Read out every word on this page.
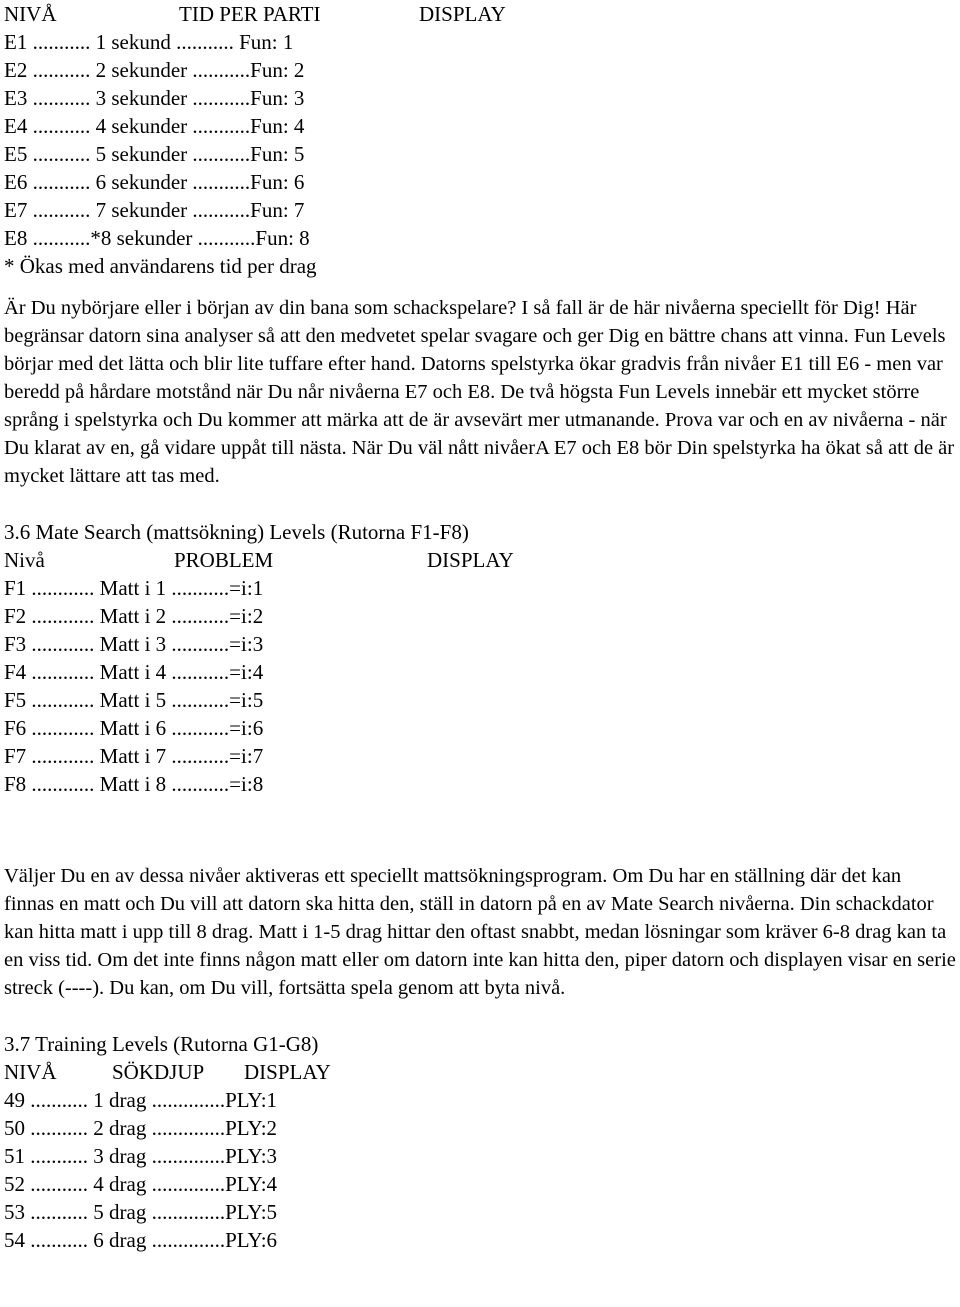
NIVÅ	TID PER PARTI	DISPLAY
E1 ........... 1 sekund ........... Fun: 1
E2 ........... 2 sekunder ...........Fun: 2
E3 ........... 3 sekunder ...........Fun: 3
E4 ........... 4 sekunder ...........Fun: 4
E5 ........... 5 sekunder ...........Fun: 5
E6 ........... 6 sekunder ...........Fun: 6
E7 ........... 7 sekunder ...........Fun: 7
E8 ...........*8 sekunder ...........Fun: 8
* Ökas med användarens tid per drag

Är Du nybörjare eller i början av din bana som schackspelare? I så fall är de här nivåerna speciellt för Dig! Här begränsar datorn sina analyser så att den medvetet spelar svagare och ger Dig en bättre chans att vinna. Fun Levels börjar med det lätta och blir lite tuffare efter hand. Datorns spelstyrka ökar gradvis från nivåer E1 till E6 - men var beredd på hårdare motstånd när Du når nivåerna E7 och E8. De två högsta Fun Levels innebär ett mycket större språng i spelstyrka och Du kommer att märka att de är avsevärt mer utmanande. Prova var och en av nivåerna - när Du klarat av en, gå vidare uppåt till nästa. När Du väl nått nivåerA E7 och E8 bör Din spelstyrka ha ökat så att de är mycket lättare att tas med.

3.6 Mate Search (mattsökning) Levels (Rutorna F1-F8)
Nivå	PROBLEM	DISPLAY
F1 ............ Matt i 1 ...........=i:1
F2 ............ Matt i 2 ...........=i:2
F3 ............ Matt i 3 ...........=i:3
F4 ............ Matt i 4 ...........=i:4
F5 ............ Matt i 5 ...........=i:5
F6 ............ Matt i 6 ...........=i:6
F7 ............ Matt i 7 ...........=i:7
F8 ............ Matt i 8 ...........=i:8

Väljer Du en av dessa nivåer aktiveras ett speciellt mattsökningsprogram. Om Du har en ställning där det kan finnas en matt och Du vill att datorn ska hitta den, ställ in datorn på en av Mate Search nivåerna. Din schackdator kan hitta matt i upp till 8 drag. Matt i 1-5 drag hittar den oftast snabbt, medan lösningar som kräver 6-8 drag kan ta en viss tid. Om det inte finns någon matt eller om datorn inte kan hitta den, piper datorn och displayen visar en serie streck (----). Du kan, om Du vill, fortsätta spela genom att byta nivå.

3.7 Training Levels (Rutorna G1-G8)
NIVÅ	SÖKDJUP	DISPLAY
49 ........... 1 drag ..............PLY:1
50 ........... 2 drag ..............PLY:2
51 ........... 3 drag ..............PLY:3
52 ........... 4 drag ..............PLY:4
53 ........... 5 drag ..............PLY:5
54 ........... 6 drag ..............PLY:6
